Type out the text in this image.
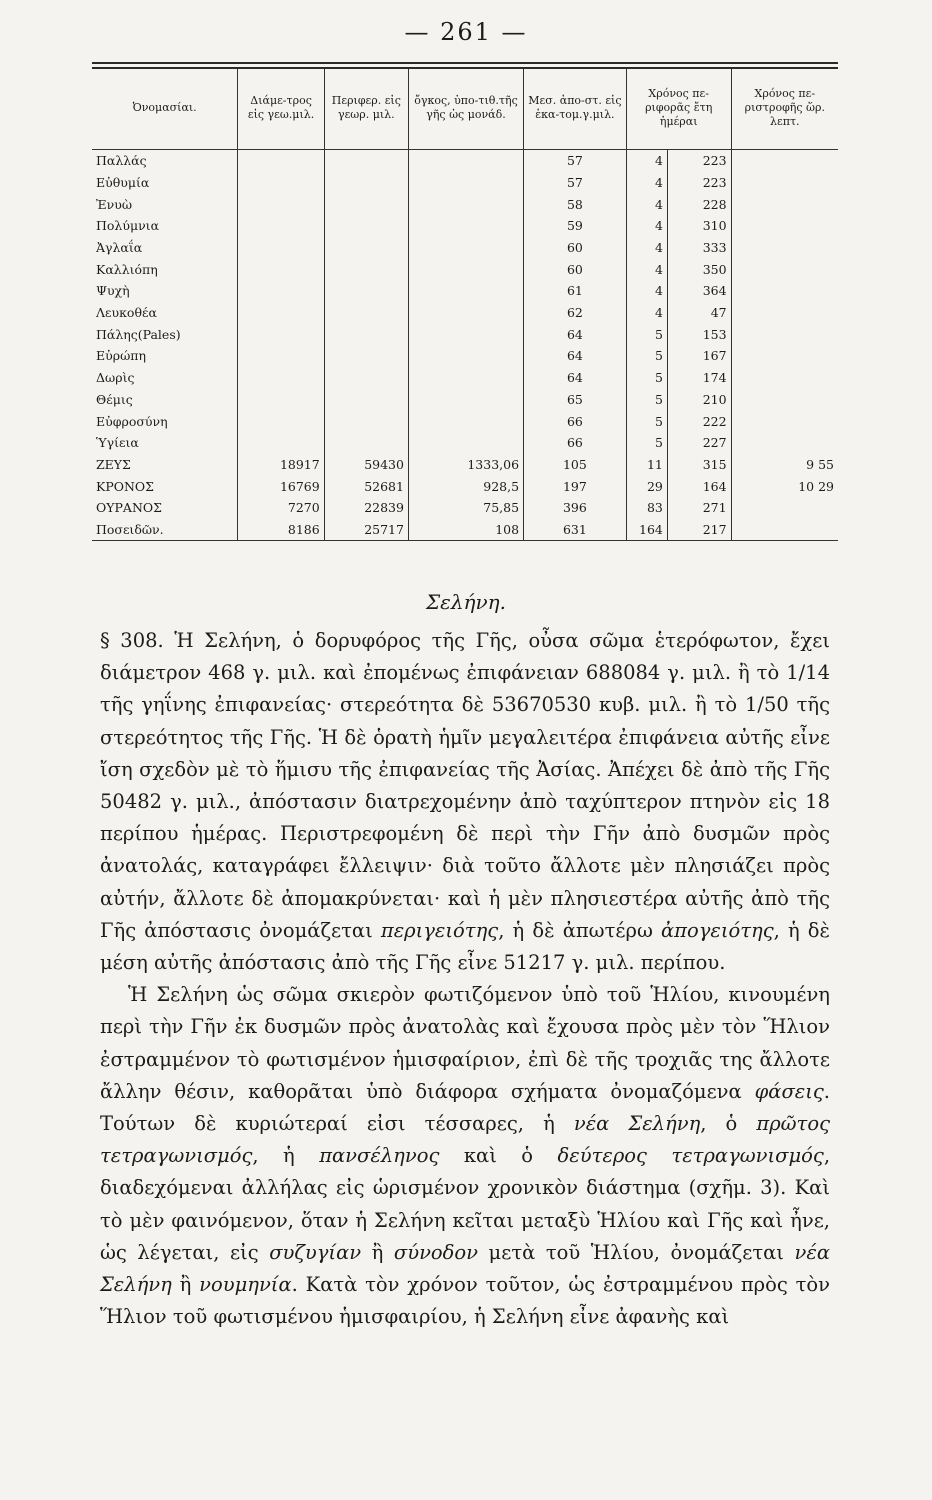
— 261 —
Ὀνομασίαι.	Διάμε-τρος εἰς γεω.μιλ.	Περιφερ. εἰς γεωρ. μιλ.	ὄγκος, ὑπο-τιθ.τῆς γῆς ὡς μονάδ.	Μεσ. ἀπο-στ. εἰς ἑκα-τομ.γ.μιλ.	Χρόνος πε-ριφορᾶς ἔτη ἡμέραι		Χρόνος πε-ριστροφῆς ὥρ. λεπτ.
Παλλάς				57	4	223	
Εὐθυμία				57	4	223	
Ἐνυὼ				58	4	228	
Πολύμνια				59	4	310	
Ἀγλαΐα				60	4	333	
Καλλιόπη				60	4	350	
Ψυχὴ				61	4	364	
Λευκοθέα				62	4	47	
Πάλης(Pales)				64	5	153	
Εὐρώπη				64	5	167	
Δωρὶς				64	5	174	
Θέμις				65	5	210	
Εὐφροσύνη				66	5	222	
Ὑγίεια				66	5	227	
ΖΕΥΣ	18917	59430	1333,06	105	11	315	9 55
ΚΡΟΝΟΣ	16769	52681	928,5	197	29	164	10 29
ΟΥΡΑΝΟΣ	7270	22839	75,85	396	83	271	
Ποσειδῶν.	8186	25717	108	631	164	217	
Σελήνη.

§ 308. Ἡ Σελήνη, ὁ δορυφόρος τῆς Γῆς, οὖσα σῶμα ἑτερόφωτον, ἔχει διάμετρον 468 γ. μιλ. καὶ ἐπομένως ἐπιφάνειαν 688084 γ. μιλ. ἢ τὸ 1/14 τῆς γηΐνης ἐπιφανείας· στερεότητα δὲ 53670530 κυβ. μιλ. ἢ τὸ 1/50 τῆς στερεότητος τῆς Γῆς. Ἡ δὲ ὁρατὴ ἡμῖν μεγαλειτέρα ἐπιφάνεια αὐτῆς εἶνε ἴση σχεδὸν μὲ τὸ ἥμισυ τῆς ἐπιφανείας τῆς Ἀσίας. Ἀπέχει δὲ ἀπὸ τῆς Γῆς 50482 γ. μιλ., ἀπόστασιν διατρεχομένην ἀπὸ ταχύπτερον πτηνὸν εἰς 18 περίπου ἡμέρας. Περιστρεφομένη δὲ περὶ τὴν Γῆν ἀπὸ δυσμῶν πρὸς ἀνατολάς, καταγράφει ἔλλειψιν· διὰ τοῦτο ἄλλοτε μὲν πλησιάζει πρὸς αὐτήν, ἄλλοτε δὲ ἀπομακρύνεται· καὶ ἡ μὲν πλησιεστέρα αὐτῆς ἀπὸ τῆς Γῆς ἀπόστασις ὀνομάζεται περιγειότης, ἡ δὲ ἀπωτέρω ἀπογειότης, ἡ δὲ μέση αὐτῆς ἀπόστασις ἀπὸ τῆς Γῆς εἶνε 51217 γ. μιλ. περίπου.

Ἡ Σελήνη ὡς σῶμα σκιερὸν φωτιζόμενον ὑπὸ τοῦ Ἡλίου, κινουμένη περὶ τὴν Γῆν ἐκ δυσμῶν πρὸς ἀνατολὰς καὶ ἔχουσα πρὸς μὲν τὸν Ἥλιον ἐστραμμένον τὸ φωτισμένον ἡμισφαίριον, ἐπὶ δὲ τῆς τροχιᾶς της ἄλλοτε ἄλλην θέσιν, καθορᾶται ὑπὸ διάφορα σχήματα ὀνομαζόμενα φάσεις. Τούτων δὲ κυριώτεραί εἰσι τέσσαρες, ἡ νέα Σελήνη, ὁ πρῶτος τετραγωνισμός, ἡ πανσέληνος καὶ ὁ δεύτερος τετραγωνισμός, διαδεχόμεναι ἀλλήλας εἰς ὡρισμένον χρονικὸν διάστημα (σχῆμ. 3). Καὶ τὸ μὲν φαινόμενον, ὅταν ἡ Σελήνη κεῖται μεταξὺ Ἡλίου καὶ Γῆς καὶ ἦνε, ὡς λέγεται, εἰς συζυγίαν ἢ σύνοδον μετὰ τοῦ Ἡλίου, ὀνομάζεται νέα Σελήνη ἢ νουμηνία. Κατὰ τὸν χρόνον τοῦτον, ὡς ἐστραμμένου πρὸς τὸν Ἥλιον τοῦ φωτισμένου ἡμισφαιρίου, ἡ Σελήνη εἶνε ἀφανὴς καὶ
